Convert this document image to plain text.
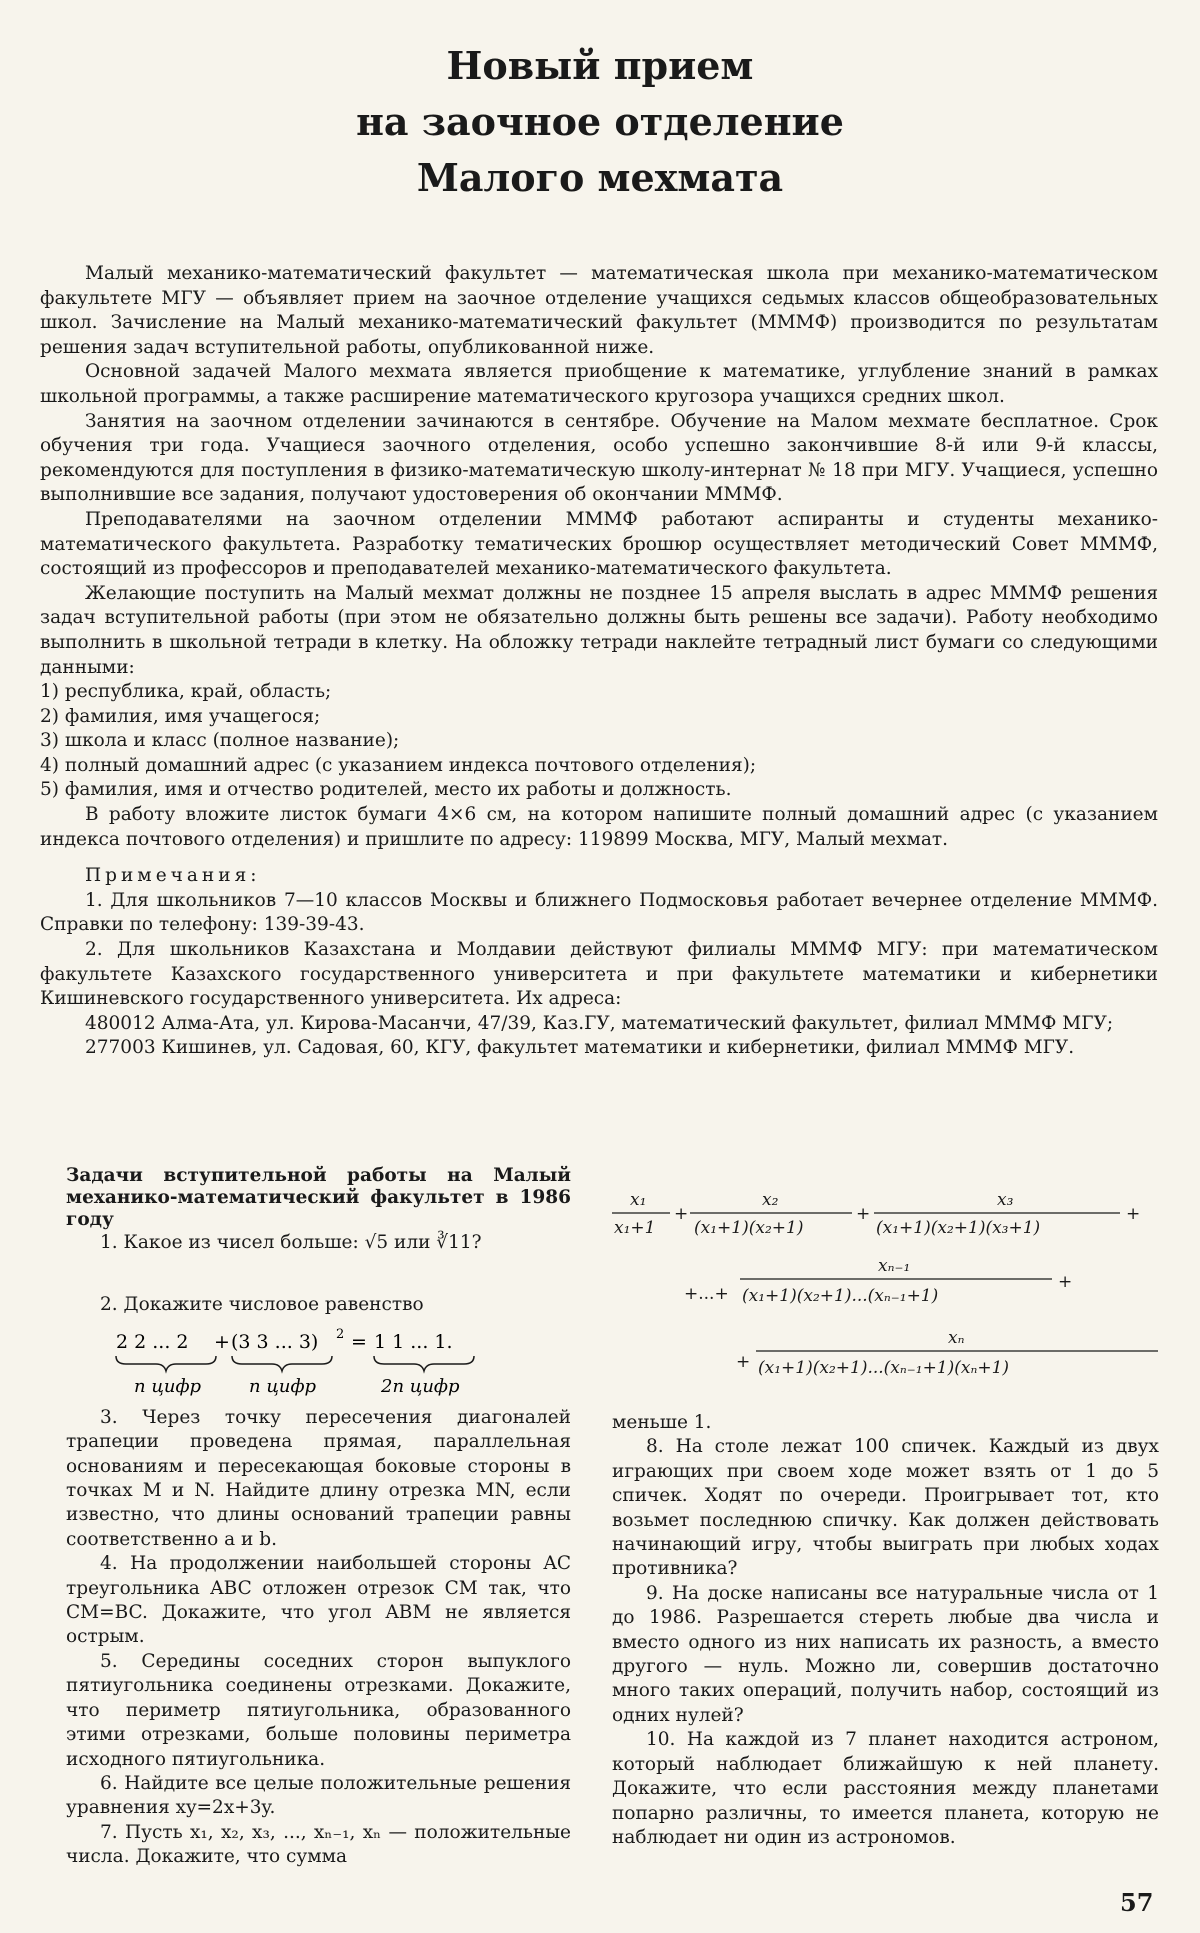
Новый прием
на заочное отделение
Малого мехмата

Малый механико-математический факультет — математическая школа при механико-математическом факультете МГУ — объявляет прием на заочное отделение учащихся седьмых классов общеобразовательных школ. Зачисление на Малый механико-математический факультет (МММФ) производится по результатам решения задач вступительной работы, опубликованной ниже.

Основной задачей Малого мехмата является приобщение к математике, углубление знаний в рамках школьной программы, а также расширение математического кругозора учащихся средних школ.

Занятия на заочном отделении зачинаются в сентябре. Обучение на Малом мехмате бесплатное. Срок обучения три года. Учащиеся заочного отделения, особо успешно закончившие 8-й или 9-й классы, рекомендуются для поступления в физико-математическую школу-интернат № 18 при МГУ. Учащиеся, успешно выполнившие все задания, получают удостоверения об окончании МММФ.

Преподавателями на заочном отделении МММФ работают аспиранты и студенты механико-математического факультета. Разработку тематических брошюр осуществляет методический Совет МММФ, состоящий из профессоров и преподавателей механико-математического факультета.

Желающие поступить на Малый мехмат должны не позднее 15 апреля выслать в адрес МММФ решения задач вступительной работы (при этом не обязательно должны быть решены все задачи). Работу необходимо выполнить в школьной тетради в клетку. На обложку тетради наклейте тетрадный лист бумаги со следующими данными:

1) республика, край, область;

2) фамилия, имя учащегося;

3) школа и класс (полное название);

4) полный домашний адрес (с указанием индекса почтового отделения);

5) фамилия, имя и отчество родителей, место их работы и должность.

В работу вложите листок бумаги 4×6 см, на котором напишите полный домашний адрес (с указанием индекса почтового отделения) и пришлите по адресу: 119899 Москва, МГУ, Малый мехмат.

Примечания:

1. Для школьников 7—10 классов Москвы и ближнего Подмосковья работает вечернее отделение МММФ. Справки по телефону: 139-39-43.

2. Для школьников Казахстана и Молдавии действуют филиалы МММФ МГУ: при математическом факультете Казахского государственного университета и при факультете математики и кибернетики Кишиневского государственного университета. Их адреса:

480012 Алма-Ата, ул. Кирова-Масанчи, 47/39, Каз.ГУ, математический факультет, филиал МММФ МГУ;

277003 Кишинев, ул. Садовая, 60, КГУ, факультет математики и кибернетики, филиал МММФ МГУ.

Задачи вступительной работы на Малый механико-математический факультет в 1986 году

1. Какое из чисел больше: √5 или ∛11?

2. Докажите числовое равенство

2 2 ... 2 + (3 3 ... 3) 2 = 1 1 ... 1.
n цифр	n цифр	2n цифр

3. Через точку пересечения диагоналей трапеции проведена прямая, параллельная основаниям и пересекающая боковые стороны в точках M и N. Найдите длину отрезка MN, если известно, что длины оснований трапеции равны соответственно a и b.

4. На продолжении наибольшей стороны AC треугольника ABC отложен отрезок CM так, что CM=BC. Докажите, что угол ABM не является острым.

5. Середины соседних сторон выпуклого пятиугольника соединены отрезками. Докажите, что периметр пятиугольника, образованного этими отрезками, больше половины периметра исходного пятиугольника.

6. Найдите все целые положительные решения уравнения xy=2x+3y.

7. Пусть x₁, x₂, x₃, ..., xₙ₋₁, xₙ — положительные числа. Докажите, что сумма

x₁
x₁+1
+
x₂
(x₁+1)(x₂+1)
+
x₃
(x₁+1)(x₂+1)(x₃+1)
+
+...+
xₙ₋₁
(x₁+1)(x₂+1)...(xₙ₋₁+1)
+
+
xₙ
(x₁+1)(x₂+1)...(xₙ₋₁+1)(xₙ+1)

меньше 1.

8. На столе лежат 100 спичек. Каждый из двух играющих при своем ходе может взять от 1 до 5 спичек. Ходят по очереди. Проигрывает тот, кто возьмет последнюю спичку. Как должен действовать начинающий игру, чтобы выиграть при любых ходах противника?

9. На доске написаны все натуральные числа от 1 до 1986. Разрешается стереть любые два числа и вместо одного из них написать их разность, а вместо другого — нуль. Можно ли, совершив достаточно много таких операций, получить набор, состоящий из одних нулей?

10. На каждой из 7 планет находится астроном, который наблюдает ближайшую к ней планету. Докажите, что если расстояния между планетами попарно различны, то имеется планета, которую не наблюдает ни один из астрономов.

57
